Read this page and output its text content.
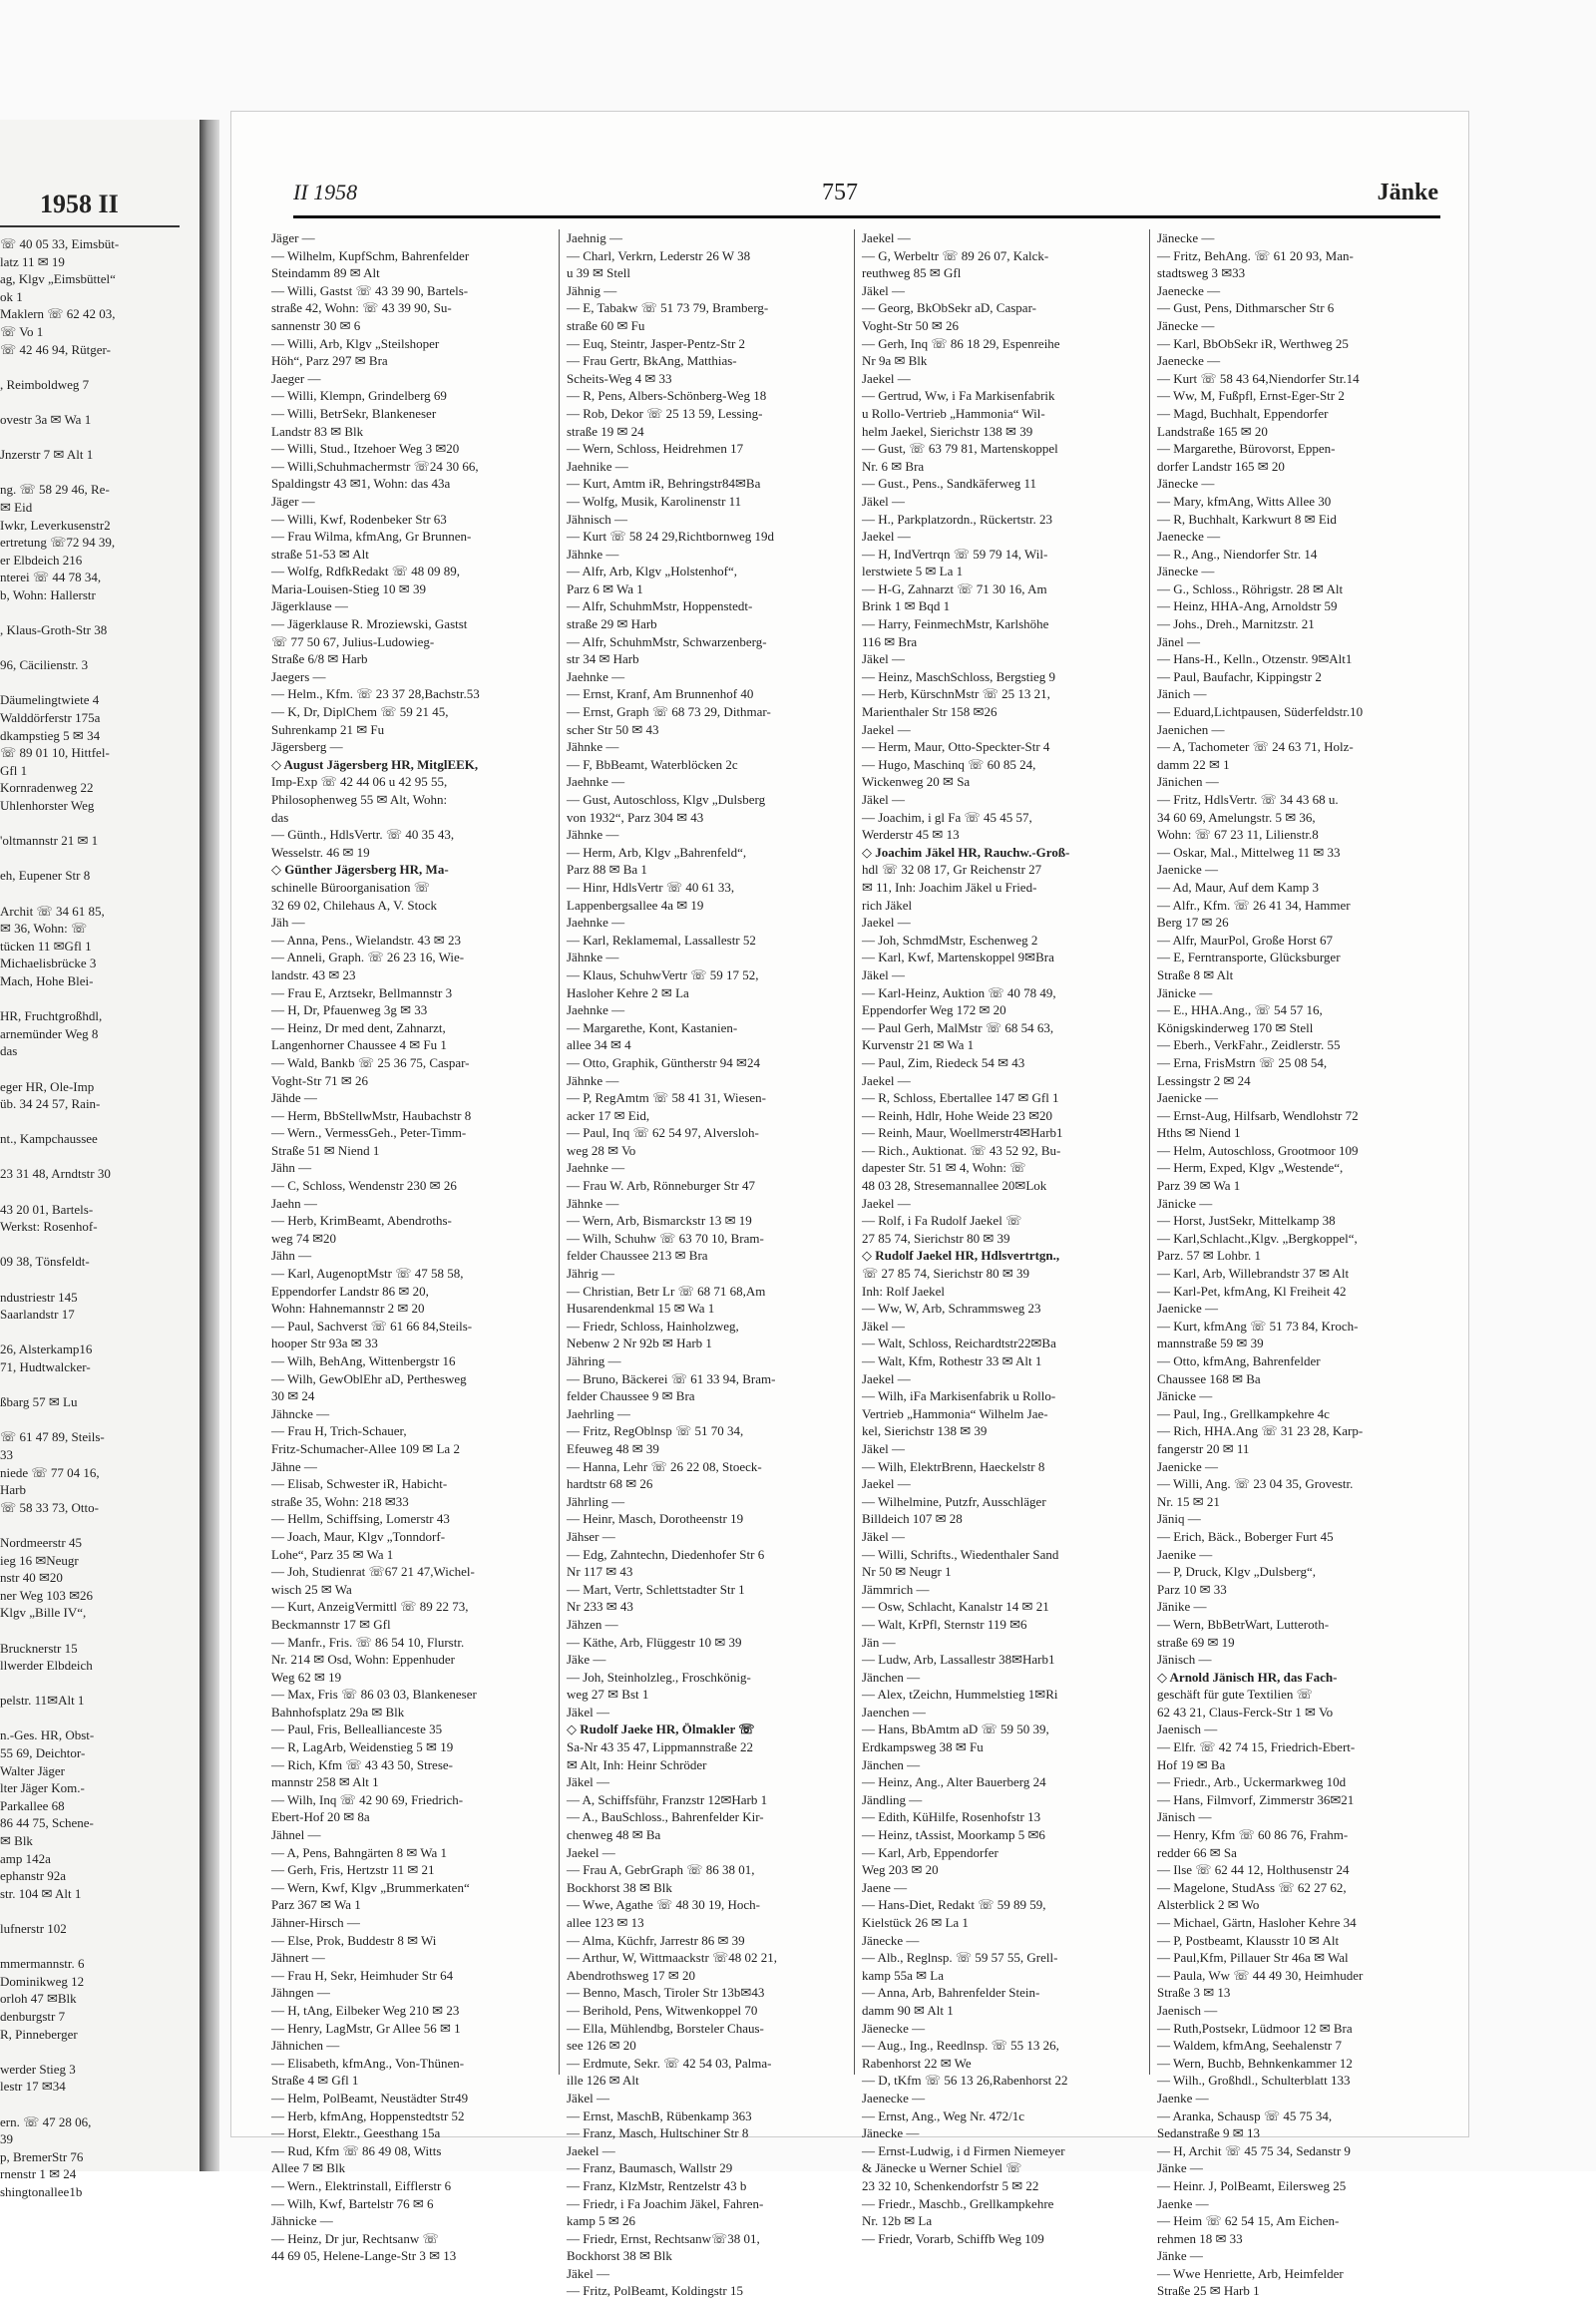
1958 II
☏ 40 05 33, Eimsbüt-
latz 11 ✉ 19
ag, Klgv „Eimsbüttel“
ok 1
Maklern ☏ 62 42 03,
☏ Vo 1
☏ 42 46 94, Rütger-

, Reimboldweg 7

ovestr 3a ✉ Wa 1

Jnzerstr 7 ✉ Alt 1

ng. ☏ 58 29 46, Re-
✉ Eid
Iwkr, Leverkusenstr2
ertretung ☏72 94 39,
er Elbdeich 216
nterei ☏ 44 78 34,
b, Wohn: Hallerstr

, Klaus-Groth-Str 38

96, Cäcilienstr. 3

Däumelingtwiete 4
Walddörferstr 175a
dkampstieg 5 ✉ 34
☏ 89 01 10, Hittfel-
Gfl 1
Kornradenweg 22
Uhlenhorster Weg

'oltmannstr 21 ✉ 1

eh, Eupener Str 8

Archit ☏ 34 61 85,
✉ 36, Wohn: ☏
tücken 11 ✉Gfl 1
Michaelisbrücke 3
Mach, Hohe Blei-

HR, Fruchtgroßhdl,
arnemünder Weg 8
das

eger HR, Ole-Imp
üb. 34 24 57, Rain-

nt., Kampchaussee

23 31 48, Arndtstr 30

43 20 01, Bartels-
Werkst: Rosenhof-

09 38, Tönsfeldt-

ndustriestr 145
Saarlandstr 17

26, Alsterkamp16
71, Hudtwalcker-

ßbarg 57 ✉ Lu

☏ 61 47 89, Steils-
33
niede ☏ 77 04 16,
Harb
☏ 58 33 73, Otto-

Nordmeerstr 45
ieg 16 ✉Neugr
nstr 40 ✉20
ner Weg 103 ✉26
Klgv „Bille IV“,

Brucknerstr 15
llwerder Elbdeich

pelstr. 11✉Alt 1

n.-Ges. HR, Obst-
55 69, Deichtor-
Walter Jäger
lter Jäger Kom.-
Parkallee 68
86 44 75, Schene-
✉ Blk
amp 142a
ephanstr 92a
str. 104 ✉ Alt 1

lufnerstr 102

mmermannstr. 6
Dominikweg 12
orloh 47 ✉Blk
denburgstr 7
R, Pinneberger

werder Stieg 3
lestr 17 ✉34

ern. ☏ 47 28 06,
39
p, BremerStr 76
rnenstr 1 ✉ 24
shingtonallee1b
II 1958	757	Jänke
Jäger —
— Wilhelm, KupfSchm, Bahrenfelder
Steindamm 89 ✉ Alt
— Willi, Gastst ☏ 43 39 90, Bartels-
straße 42, Wohn: ☏ 43 39 90, Su-
sannenstr 30 ✉ 6
— Willi, Arb, Klgv „Steilshoper
Höh“, Parz 297 ✉ Bra
Jaeger —
— Willi, Klempn, Grindelberg 69
— Willi, BetrSekr, Blankeneser
Landstr 83 ✉ Blk
— Willi, Stud., Itzehoer Weg 3 ✉20
— Willi,Schuhmachermstr ☏24 30 66,
Spaldingstr 43 ✉1, Wohn: das 43a
Jäger —
— Willi, Kwf, Rodenbeker Str 63
— Frau Wilma, kfmAng, Gr Brunnen-
straße 51-53 ✉ Alt
— Wolfg, RdfkRedakt ☏ 48 09 89,
Maria-Louisen-Stieg 10 ✉ 39
Jägerklause —
— Jägerklause R. Mroziewski, Gastst
☏ 77 50 67, Julius-Ludowieg-
Straße 6/8 ✉ Harb
Jaegers —
— Helm., Kfm. ☏ 23 37 28,Bachstr.53
— K, Dr, DiplChem ☏ 59 21 45,
Suhrenkamp 21 ✉ Fu
Jägersberg —
◇ August Jägersberg HR, MitglEEK,
Imp-Exp ☏ 42 44 06 u 42 95 55,
Philosophenweg 55 ✉ Alt, Wohn:
das
— Günth., HdlsVertr. ☏ 40 35 43,
Wesselstr. 46 ✉ 19
◇ Günther Jägersberg HR, Ma-
schinelle Büroorganisation ☏
32 69 02, Chilehaus A, V. Stock
Jäh —
— Anna, Pens., Wielandstr. 43 ✉ 23
— Anneli, Graph. ☏ 26 23 16, Wie-
landstr. 43 ✉ 23
— Frau E, Arztsekr, Bellmannstr 3
— H, Dr, Pfauenweg 3g ✉ 33
— Heinz, Dr med dent, Zahnarzt,
Langenhorner Chaussee 4 ✉ Fu 1
— Wald, Bankb ☏ 25 36 75, Caspar-
Voght-Str 71 ✉ 26
Jähde —
— Herm, BbStellwMstr, Haubachstr 8
— Wern., VermessGeh., Peter-Timm-
Straße 51 ✉ Niend 1
Jähn —
— C, Schloss, Wendenstr 230 ✉ 26
Jaehn —
— Herb, KrimBeamt, Abendroths-
weg 74 ✉20
Jähn —
— Karl, AugenoptMstr ☏ 47 58 58,
Eppendorfer Landstr 86 ✉ 20,
Wohn: Hahnemannstr 2 ✉ 20
— Paul, Sachverst ☏ 61 66 84,Steils-
hooper Str 93a ✉ 33
— Wilh, BehAng, Wittenbergstr 16
— Wilh, GewOblEhr aD, Perthesweg
30 ✉ 24
Jähncke —
— Frau H, Trich-Schauer,
Fritz-Schumacher-Allee 109 ✉ La 2
Jähne —
— Elisab, Schwester iR, Habicht-
straße 35, Wohn: 218 ✉33
— Hellm, Schiffsing, Lomerstr 43
— Joach, Maur, Klgv „Tonndorf-
Lohe“, Parz 35 ✉ Wa 1
— Joh, Studienrat ☏67 21 47,Wichel-
wisch 25 ✉ Wa
— Kurt, AnzeigVermittl ☏ 89 22 73,
Beckmannstr 17 ✉ Gfl
— Manfr., Fris. ☏ 86 54 10, Flurstr.
Nr. 214 ✉ Osd, Wohn: Eppenhuder
Weg 62 ✉ 19
— Max, Fris ☏ 86 03 03, Blankeneser
Bahnhofsplatz 29a ✉ Blk
— Paul, Fris, Belleallianceste 35
— R, LagArb, Weidenstieg 5 ✉ 19
— Rich, Kfm ☏ 43 43 50, Strese-
mannstr 258 ✉ Alt 1
— Wilh, Inq ☏ 42 90 69, Friedrich-
Ebert-Hof 20 ✉ 8a
Jähnel —
— A, Pens, Bahngärten 8 ✉ Wa 1
— Gerh, Fris, Hertzstr 11 ✉ 21
— Wern, Kwf, Klgv „Brummerkaten“
Parz 367 ✉ Wa 1
Jähner-Hirsch —
— Else, Prok, Buddestr 8 ✉ Wi
Jähnert —
— Frau H, Sekr, Heimhuder Str 64
Jähngen —
— H, tAng, Eilbeker Weg 210 ✉ 23
— Henry, LagMstr, Gr Allee 56 ✉ 1
Jähnichen —
— Elisabeth, kfmAng., Von-Thünen-
Straße 4 ✉ Gfl 1
— Helm, PolBeamt, Neustädter Str49
— Herb, kfmAng, Hoppenstedtstr 52
— Horst, Elektr., Geesthang 15a
— Rud, Kfm ☏ 86 49 08, Witts
Allee 7 ✉ Blk
— Wern., Elektrinstall, Eifflerstr 6
— Wilh, Kwf, Bartelstr 76 ✉ 6
Jähnicke —
— Heinz, Dr jur, Rechtsanw ☏
44 69 05, Helene-Lange-Str 3 ✉ 13
Jaehnig —
— Charl, Verkrn, Lederstr 26 W 38
u 39 ✉ Stell
Jähnig —
— E, Tabakw ☏ 51 73 79, Bramberg-
straße 60 ✉ Fu
— Euq, Steintr, Jasper-Pentz-Str 2
— Frau Gertr, BkAng, Matthias-
Scheits-Weg 4 ✉ 33
— R, Pens, Albers-Schönberg-Weg 18
— Rob, Dekor ☏ 25 13 59, Lessing-
straße 19 ✉ 24
— Wern, Schloss, Heidrehmen 17
Jaehnike —
— Kurt, Amtm iR, Behringstr84✉Ba
— Wolfg, Musik, Karolinenstr 11
Jähnisch —
— Kurt ☏ 58 24 29,Richtbornweg 19d
Jähnke —
— Alfr, Arb, Klgv „Holstenhof“,
Parz 6 ✉ Wa 1
— Alfr, SchuhmMstr, Hoppenstedt-
straße 29 ✉ Harb
— Alfr, SchuhmMstr, Schwarzenberg-
str 34 ✉ Harb
Jaehnke —
— Ernst, Kranf, Am Brunnenhof 40
— Ernst, Graph ☏ 68 73 29, Dithmar-
scher Str 50 ✉ 43
Jähnke —
— F, BbBeamt, Waterblöcken 2c
Jaehnke —
— Gust, Autoschloss, Klgv „Dulsberg
von 1932“, Parz 304 ✉ 43
Jähnke —
— Herm, Arb, Klgv „Bahrenfeld“,
Parz 88 ✉ Ba 1
— Hinr, HdlsVertr ☏ 40 61 33,
Lappenbergsallee 4a ✉ 19
Jaehnke —
— Karl, Reklamemal, Lassallestr 52
Jähnke —
— Klaus, SchuhwVertr ☏ 59 17 52,
Hasloher Kehre 2 ✉ La
Jaehnke —
— Margarethe, Kont, Kastanien-
allee 34 ✉ 4
— Otto, Graphik, Güntherstr 94 ✉24
Jähnke —
— P, RegAmtm ☏ 58 41 31, Wiesen-
acker 17 ✉ Eid,
— Paul, Inq ☏ 62 54 97, Alversloh-
weg 28 ✉ Vo
Jaehnke —
— Frau W. Arb, Rönneburger Str 47
Jähnke —
— Wern, Arb, Bismarckstr 13 ✉ 19
— Wilh, Schuhw ☏ 63 70 10, Bram-
felder Chaussee 213 ✉ Bra
Jährig —
— Christian, Betr Lr ☏ 68 71 68,Am
Husarendenkmal 15 ✉ Wa 1
— Friedr, Schloss, Hainholzweg,
Nebenw 2 Nr 92b ✉ Harb 1
Jähring —
— Bruno, Bäckerei ☏ 61 33 94, Bram-
felder Chaussee 9 ✉ Bra
Jaehrling —
— Fritz, RegOblnsp ☏ 51 70 34,
Efeuweg 48 ✉ 39
— Hanna, Lehr ☏ 26 22 08, Stoeck-
hardtstr 68 ✉ 26
Jährling —
— Heinr, Masch, Dorotheenstr 19
Jähser —
— Edg, Zahntechn, Diedenhofer Str 6
Nr 117 ✉ 43
— Mart, Vertr, Schlettstadter Str 1
Nr 233 ✉ 43
Jähzen —
— Käthe, Arb, Flüggestr 10 ✉ 39
Jäke —
— Joh, Steinholzleg., Froschkönig-
weg 27 ✉ Bst 1
Jäkel —
◇ Rudolf Jaeke HR, Ölmakler ☏
Sa-Nr 43 35 47, Lippmannstraße 22
✉ Alt, Inh: Heinr Schröder
Jäkel —
— A, Schiffsführ, Franzstr 12✉Harb 1
— A., BauSchloss., Bahrenfelder Kir-
chenweg 48 ✉ Ba
Jaekel —
— Frau A, GebrGraph ☏ 86 38 01,
Bockhorst 38 ✉ Blk
— Wwe, Agathe ☏ 48 30 19, Hoch-
allee 123 ✉ 13
— Alma, Küchfr, Jarrestr 86 ✉ 39
— Arthur, W, Wittmaackstr ☏48 02 21,
Abendrothsweg 17 ✉ 20
— Benno, Masch, Tiroler Str 13b✉43
— Berihold, Pens, Witwenkoppel 70
— Ella, Mühlendbg, Borsteler Chaus-
see 126 ✉ 20
— Erdmute, Sekr. ☏ 42 54 03, Palma-
ille 126 ✉ Alt
Jäkel —
— Ernst, MaschB, Rübenkamp 363
— Franz, Masch, Hultschiner Str 8
Jaekel —
— Franz, Baumasch, Wallstr 29
— Franz, KlzMstr, Rentzelstr 43 b
— Friedr, i Fa Joachim Jäkel, Fahren-
kamp 5 ✉ 26
— Friedr, Ernst, Rechtsanw☏38 01,
Bockhorst 38 ✉ Blk
Jäkel —
— Fritz, PolBeamt, Koldingstr 15
Jaekel —
— G, Werbeltr ☏ 89 26 07, Kalck-
reuthweg 85 ✉ Gfl
Jäkel —
— Georg, BkObSekr aD, Caspar-
Voght-Str 50 ✉ 26
— Gerh, Inq ☏ 86 18 29, Espenreihe
Nr 9a ✉ Blk
Jaekel —
— Gertrud, Ww, i Fa Markisenfabrik
u Rollo-Vertrieb „Hammonia“ Wil-
helm Jaekel, Sierichstr 138 ✉ 39
— Gust, ☏ 63 79 81, Martenskoppel
Nr. 6 ✉ Bra
— Gust., Pens., Sandkäferweg 11
Jäkel —
— H., Parkplatzordn., Rückertstr. 23
Jaekel —
— H, IndVertrqn ☏ 59 79 14, Wil-
lerstwiete 5 ✉ La 1
— H-G, Zahnarzt ☏ 71 30 16, Am
Brink 1 ✉ Bqd 1
— Harry, FeinmechMstr, Karlshöhe
116 ✉ Bra
Jäkel —
— Heinz, MaschSchloss, Bergstieg 9
— Herb, KürschnMstr ☏ 25 13 21,
Marienthaler Str 158 ✉26
Jaekel —
— Herm, Maur, Otto-Speckter-Str 4
— Hugo, Maschinq ☏ 60 85 24,
Wickenweg 20 ✉ Sa
Jäkel —
— Joachim, i gl Fa ☏ 45 45 57,
Werderstr 45 ✉ 13
◇ Joachim Jäkel HR, Rauchw.-Groß-
hdl ☏ 32 08 17, Gr Reichenstr 27
✉ 11, Inh: Joachim Jäkel u Fried-
rich Jäkel
Jaekel —
— Joh, SchmdMstr, Eschenweg 2
— Karl, Kwf, Martenskoppel 9✉Bra
Jäkel —
— Karl-Heinz, Auktion ☏ 40 78 49,
Eppendorfer Weg 172 ✉ 20
— Paul Gerh, MalMstr ☏ 68 54 63,
Kurvenstr 21 ✉ Wa 1
— Paul, Zim, Riedeck 54 ✉ 43
Jaekel —
— R, Schloss, Ebertallee 147 ✉ Gfl 1
— Reinh, Hdlr, Hohe Weide 23 ✉20
— Reinh, Maur, Woellmerstr4✉Harb1
— Rich., Auktionat. ☏ 43 52 92, Bu-
dapester Str. 51 ✉ 4, Wohn: ☏
48 03 28, Stresemannallee 20✉Lok
Jaekel —
— Rolf, i Fa Rudolf Jaekel ☏
27 85 74, Sierichstr 80 ✉ 39
◇ Rudolf Jaekel HR, Hdlsvertrtgn.,
☏ 27 85 74, Sierichstr 80 ✉ 39
Inh: Rolf Jaekel
— Ww, W, Arb, Schrammsweg 23
Jäkel —
— Walt, Schloss, Reichardtstr22✉Ba
— Walt, Kfm, Rothestr 33 ✉ Alt 1
Jaekel —
— Wilh, iFa Markisenfabrik u Rollo-
Vertrieb „Hammonia“ Wilhelm Jae-
kel, Sierichstr 138 ✉ 39
Jäkel —
— Wilh, ElektrBrenn, Haeckelstr 8
Jaekel —
— Wilhelmine, Putzfr, Ausschläger
Billdeich 107 ✉ 28
Jäkel —
— Willi, Schrifts., Wiedenthaler Sand
Nr 50 ✉ Neugr 1
Jämmrich —
— Osw, Schlacht, Kanalstr 14 ✉ 21
— Walt, KrPfl, Sternstr 119 ✉6
Jän —
— Ludw, Arb, Lassallestr 38✉Harb1
Jänchen —
— Alex, tZeichn, Hummelstieg 1✉Ri
Jaenchen —
— Hans, BbAmtm aD ☏ 59 50 39,
Erdkampsweg 38 ✉ Fu
Jänchen —
— Heinz, Ang., Alter Bauerberg 24
Jändling —
— Edith, KüHilfe, Rosenhofstr 13
— Heinz, tAssist, Moorkamp 5 ✉6
— Karl, Arb, Eppendorfer
Weg 203 ✉ 20
Jaene —
— Hans-Diet, Redakt ☏ 59 89 59,
Kielstück 26 ✉ La 1
Jänecke —
— Alb., Reglnsp. ☏ 59 57 55, Grell-
kamp 55a ✉ La
— Anna, Arb, Bahrenfelder Stein-
damm 90 ✉ Alt 1
Jäenecke —
— Aug., Ing., Reedlnsp. ☏ 55 13 26,
Rabenhorst 22 ✉ We
— D, tKfm ☏ 56 13 26,Rabenhorst 22
Jaenecke —
— Ernst, Ang., Weg Nr. 472/1c
Jänecke —
— Ernst-Ludwig, i d Firmen Niemeyer
& Jänecke u Werner Schiel ☏
23 32 10, Schenkendorfstr 5 ✉ 22
— Friedr., Maschb., Grellkampkehre
Nr. 12b ✉ La
— Friedr, Vorarb, Schiffb Weg 109
Jänecke —
— Fritz, BehAng. ☏ 61 20 93, Man-
stadtsweg 3 ✉33
Jaenecke —
— Gust, Pens, Dithmarscher Str 6
Jänecke —
— Karl, BbObSekr iR, Werthweg 25
Jaenecke —
— Kurt ☏ 58 43 64,Niendorfer Str.14
— Ww, M, Fußpfl, Ernst-Eger-Str 2
— Magd, Buchhalt, Eppendorfer
Landstraße 165 ✉ 20
— Margarethe, Bürovorst, Eppen-
dorfer Landstr 165 ✉ 20
Jänecke —
— Mary, kfmAng, Witts Allee 30
— R, Buchhalt, Karkwurt 8 ✉ Eid
Jaenecke —
— R., Ang., Niendorfer Str. 14
Jänecke —
— G., Schloss., Röhrigstr. 28 ✉ Alt
— Heinz, HHA-Ang, Arnoldstr 59
— Johs., Dreh., Marnitzstr. 21
Jänel —
— Hans-H., Kelln., Otzenstr. 9✉Alt1
— Paul, Baufachr, Kippingstr 2
Jänich —
— Eduard,Lichtpausen, Süderfeldstr.10
Jaenichen —
— A, Tachometer ☏ 24 63 71, Holz-
damm 22 ✉ 1
Jänichen —
— Fritz, HdlsVertr. ☏ 34 43 68 u.
34 60 69, Amelungstr. 5 ✉ 36,
Wohn: ☏ 67 23 11, Lilienstr.8
— Oskar, Mal., Mittelweg 11 ✉ 33
Jaenicke —
— Ad, Maur, Auf dem Kamp 3
— Alfr., Kfm. ☏ 26 41 34, Hammer
Berg 17 ✉ 26
— Alfr, MaurPol, Große Horst 67
— E, Ferntransporte, Glücksburger
Straße 8 ✉ Alt
Jänicke —
— E., HHA.Ang., ☏ 54 57 16,
Königskinderweg 170 ✉ Stell
— Eberh., VerkFahr., Zeidlerstr. 55
— Erna, FrisMstrn ☏ 25 08 54,
Lessingstr 2 ✉ 24
Jaenicke —
— Ernst-Aug, Hilfsarb, Wendlohstr 72
Hths ✉ Niend 1
— Helm, Autoschloss, Grootmoor 109
— Herm, Exped, Klgv „Westende“,
Parz 39 ✉ Wa 1
Jänicke —
— Horst, JustSekr, Mittelkamp 38
— Karl,Schlacht.,Klgv. „Bergkoppel“,
Parz. 57 ✉ Lohbr. 1
— Karl, Arb, Willebrandstr 37 ✉ Alt
— Karl-Pet, kfmAng, Kl Freiheit 42
Jaenicke —
— Kurt, kfmAng ☏ 51 73 84, Kroch-
mannstraße 59 ✉ 39
— Otto, kfmAng, Bahrenfelder
Chaussee 168 ✉ Ba
Jänicke —
— Paul, Ing., Grellkampkehre 4c
— Rich, HHA.Ang ☏ 31 23 28, Karp-
fangerstr 20 ✉ 11
Jaenicke —
— Willi, Ang. ☏ 23 04 35, Grovestr.
Nr. 15 ✉ 21
Jäniq —
— Erich, Bäck., Boberger Furt 45
Jaenike —
— P, Druck, Klgv „Dulsberg“,
Parz 10 ✉ 33
Jänike —
— Wern, BbBetrWart, Lutteroth-
straße 69 ✉ 19
Jänisch —
◇ Arnold Jänisch HR, das Fach-
geschäft für gute Textilien ☏
62 43 21, Claus-Ferck-Str 1 ✉ Vo
Jaenisch —
— Elfr. ☏ 42 74 15, Friedrich-Ebert-
Hof 19 ✉ Ba
— Friedr., Arb., Uckermarkweg 10d
— Hans, Filmvorf, Zimmerstr 36✉21
Jänisch —
— Henry, Kfm ☏ 60 86 76, Frahm-
redder 66 ✉ Sa
— Ilse ☏ 62 44 12, Holthusenstr 24
— Magelone, StudAss ☏ 62 27 62,
Alsterblick 2 ✉ Wo
— Michael, Gärtn, Hasloher Kehre 34
— P, Postbeamt, Klausstr 10 ✉ Alt
— Paul,Kfm, Pillauer Str 46a ✉ Wal
— Paula, Ww ☏ 44 49 30, Heimhuder
Straße 3 ✉ 13
Jaenisch —
— Ruth,Postsekr, Lüdmoor 12 ✉ Bra
— Waldem, kfmAng, Seehalenstr 7
— Wern, Buchb, Behnkenkammer 12
— Wilh., Großhdl., Schulterblatt 133
Jaenke —
— Aranka, Schausp ☏ 45 75 34,
Sedanstraße 9 ✉ 13
— H, Archit ☏ 45 75 34, Sedanstr 9
Jänke —
— Heinr. J, PolBeamt, Eilersweg 25
Jaenke —
— Heim ☏ 62 54 15, Am Eichen-
rehmen 18 ✉ 33
Jänke —
— Wwe Henriette, Arb, Heimfelder
Straße 25 ✉ Harb 1
